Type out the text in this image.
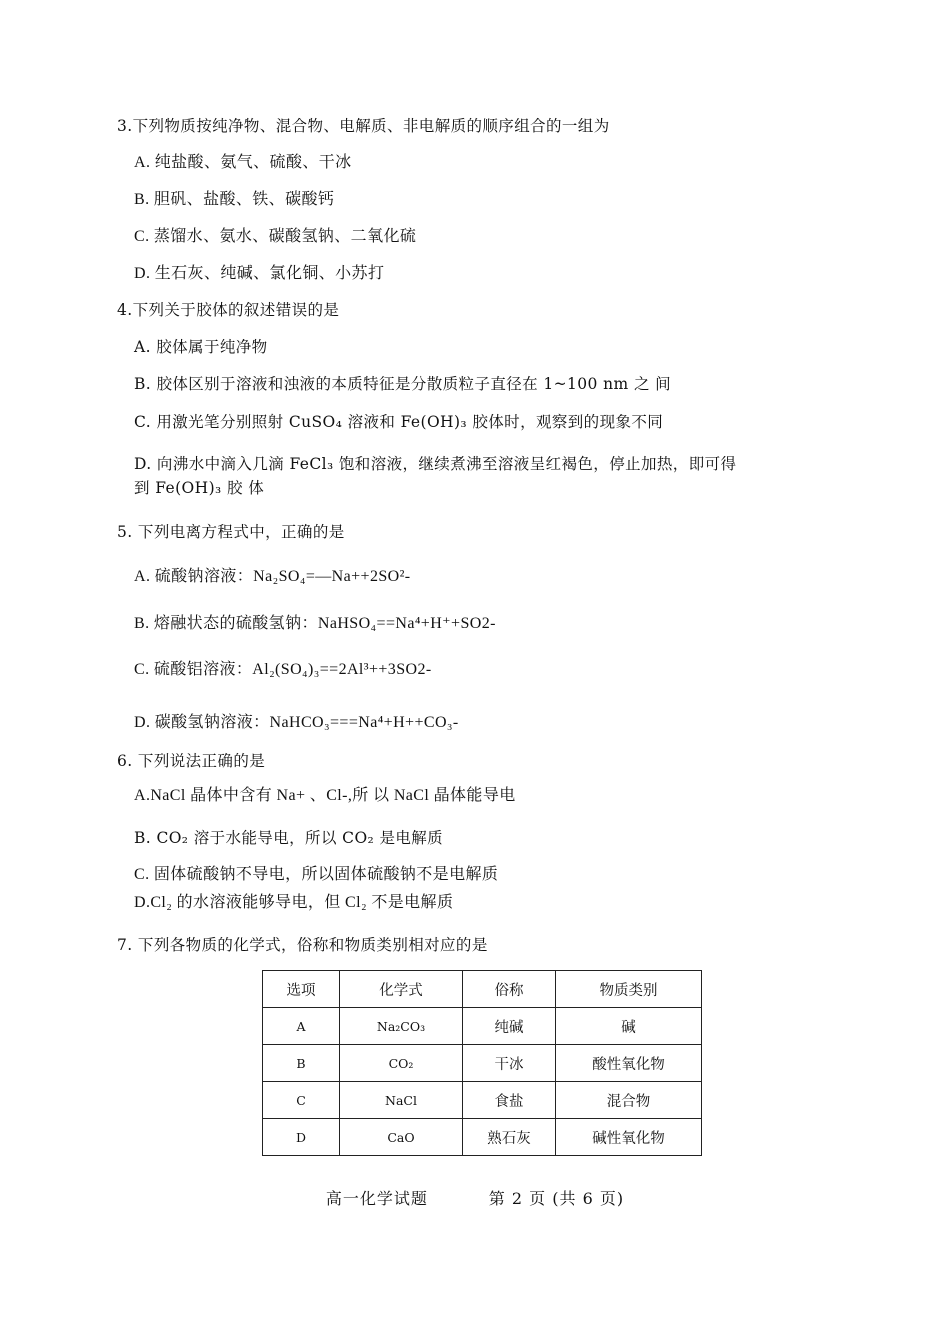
3.下列物质按纯净物、混合物、电解质、非电解质的顺序组合的一组为
A. 纯盐酸、氨气、硫酸、干冰
B. 胆矾、盐酸、铁、碳酸钙
C. 蒸馏水、氨水、碳酸氢钠、二氧化硫
D. 生石灰、纯碱、氯化铜、小苏打
4.下列关于胶体的叙述错误的是
A. 胶体属于纯净物
B. 胶体区别于溶液和浊液的本质特征是分散质粒子直径在 1~100 nm 之 间
C. 用激光笔分别照射 CuSO₄ 溶液和 Fe(OH)₃ 胶体时，观察到的现象不同
D. 向沸水中滴入几滴 FeCl₃ 饱和溶液，继续煮沸至溶液呈红褐色，停止加热，即可得
到 Fe(OH)₃ 胶 体
5. 下列电离方程式中，正确的是
A. 硫酸钠溶液：Na₂SO₄=—Na++2SO²-
B. 熔融状态的硫酸氢钠：NaHSO₄==Na⁴+H⁺+SO2-
C. 硫酸铝溶液：Al₂(SO₄)₃==2Al³++3SO2-
D. 碳酸氢钠溶液：NaHCO₃===Na⁴+H++CO₃-
6. 下列说法正确的是
A.NaCl 晶体中含有 Na+ 、Cl-,所 以 NaCl 晶体能导电
B. CO₂ 溶于水能导电，所以 CO₂ 是电解质
C. 固体硫酸钠不导电，所以固体硫酸钠不是电解质
D.Cl₂ 的水溶液能够导电，但 Cl₂ 不是电解质
7. 下列各物质的化学式，俗称和物质类别相对应的是
选项	化学式	俗称	物质类别
A	Na₂CO₃	纯碱	碱
B	CO₂	干冰	酸性氧化物
C	NaCl	食盐	混合物
D	CaO	熟石灰	碱性氧化物
高一化学试题	第 2 页 (共 6 页)
